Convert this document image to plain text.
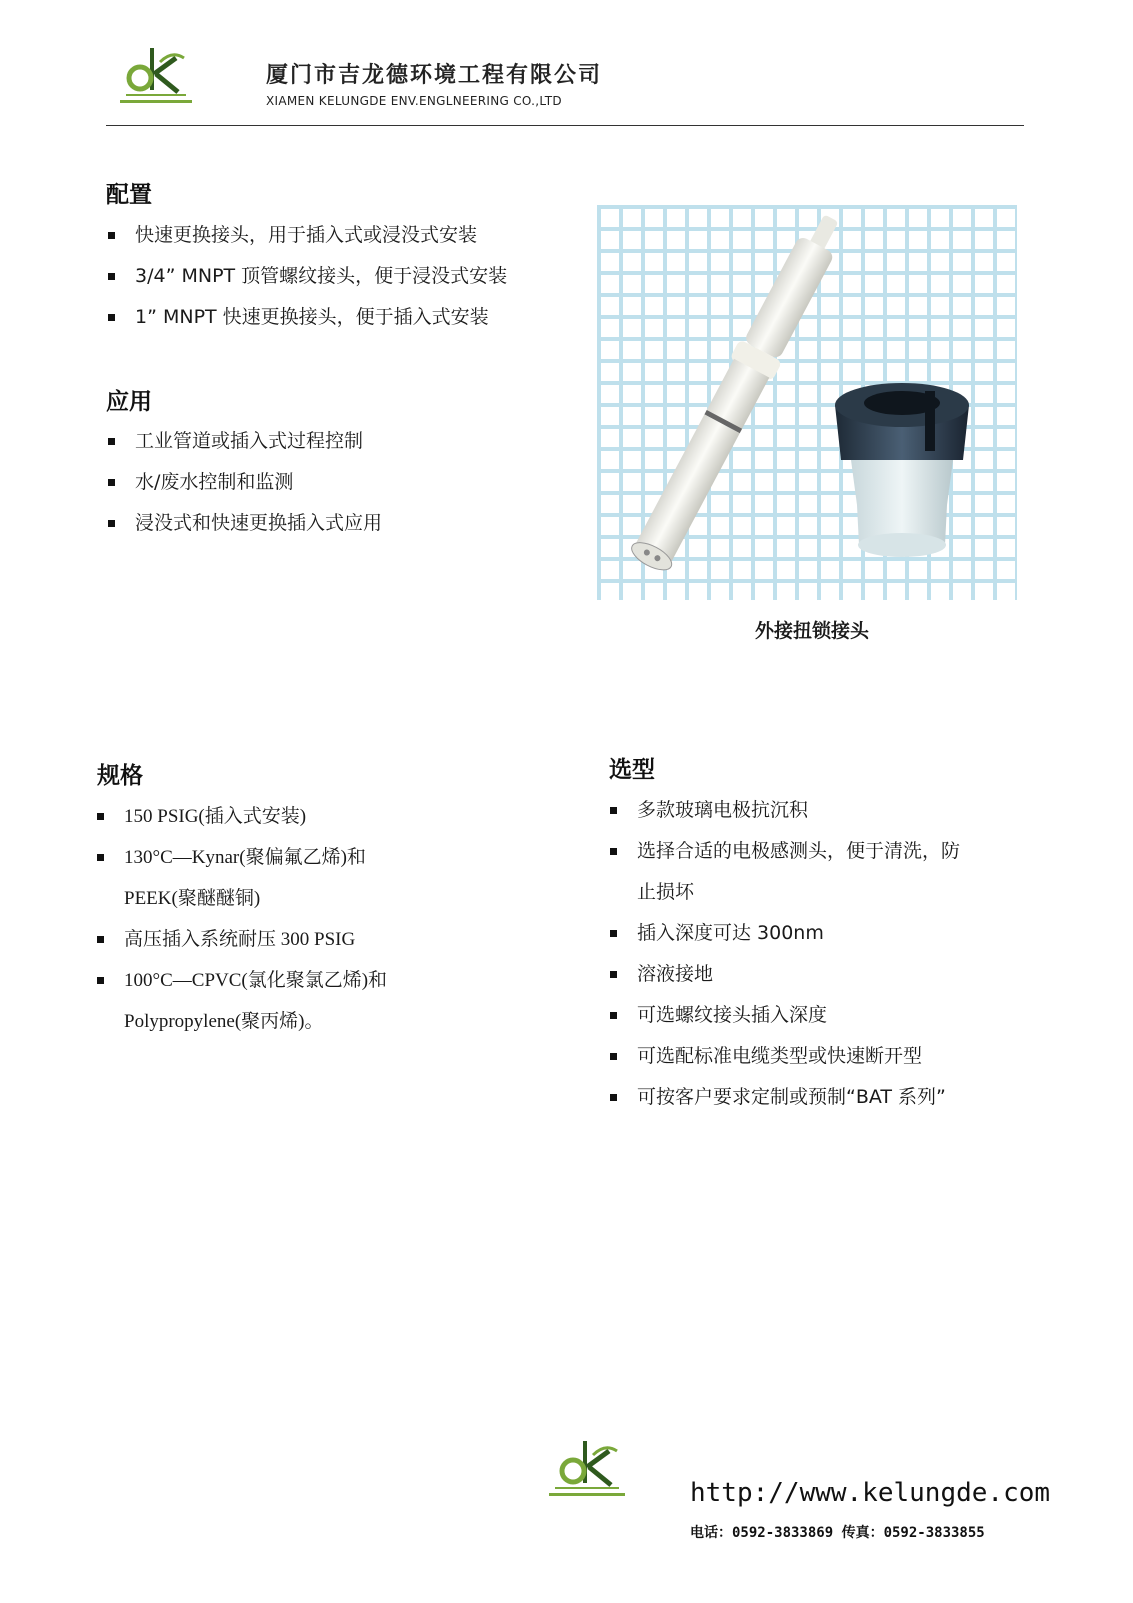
厦门市吉龙德环境工程有限公司
XIAMEN KELUNGDE ENV.ENGLNEERING CO.,LTD
配置
快速更换接头，用于插入式或浸没式安装
3/4” MNPT 顶管螺纹接头，便于浸没式安装
1” MNPT 快速更换接头，便于插入式安装
应用
工业管道或插入式过程控制
水/废水控制和监测
浸没式和快速更换插入式应用
外接扭锁接头
规格
150 PSIG(插入式安装)
130°C—Kynar(聚偏氟乙烯)和
PEEK(聚醚醚铜)
高压插入系统耐压 300 PSIG
100°C—CPVC(氯化聚氯乙烯)和
Polypropylene(聚丙烯)。
选型
多款玻璃电极抗沉积
选择合适的电极感测头，便于清洗，防
止损坏
插入深度可达 300nm
溶液接地
可选螺纹接头插入深度
可选配标准电缆类型或快速断开型
可按客户要求定制或预制“BAT 系列”
http://www.kelungde.com
电话：0592-3833869 传真：0592-3833855
